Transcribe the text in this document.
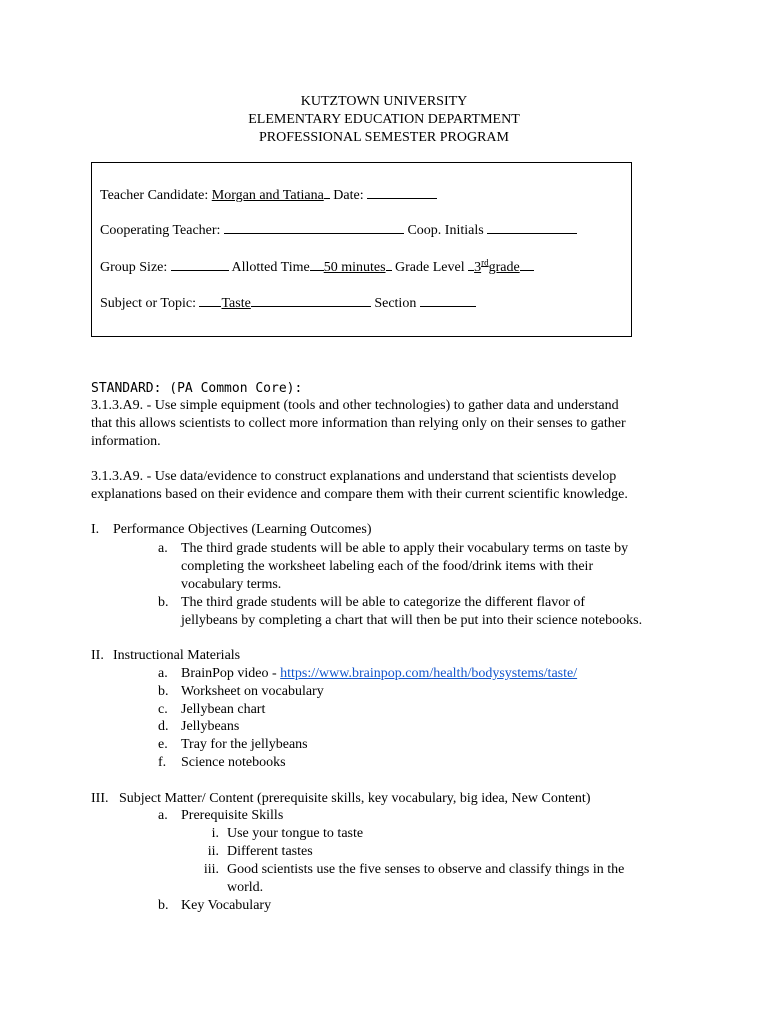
KUTZTOWN UNIVERSITY
ELEMENTARY EDUCATION DEPARTMENT
PROFESSIONAL SEMESTER PROGRAM
Teacher Candidate: Morgan and Tatiana Date:
Cooperating Teacher:	Coop. Initials
Group Size:	Allotted Time 50 minutes Grade Level 3rdgrade
Subject or Topic: Taste	Section
STANDARD: (PA Common Core):
3.1.3.A9. - Use simple equipment (tools and other technologies) to gather data and understand
that this allows scientists to collect more information than relying only on their senses to gather
information.
3.1.3.A9. - Use data/evidence to construct explanations and understand that scientists develop
explanations based on their evidence and compare them with their current scientific knowledge.
I. Performance Objectives (Learning Outcomes)
a. The third grade students will be able to apply their vocabulary terms on taste by
completing the worksheet labeling each of the food/drink items with their
vocabulary terms.
b. The third grade students will be able to categorize the different flavor of
jellybeans by completing a chart that will then be put into their science notebooks.
II. Instructional Materials
a. BrainPop video - https://www.brainpop.com/health/bodysystems/taste/
b. Worksheet on vocabulary
c. Jellybean chart
d. Jellybeans
e. Tray for the jellybeans
f. Science notebooks
III. Subject Matter/ Content (prerequisite skills, key vocabulary, big idea, New Content)
a. Prerequisite Skills
i. Use your tongue to taste
ii. Different tastes
iii. Good scientists use the five senses to observe and classify things in the
world.
b. Key Vocabulary
